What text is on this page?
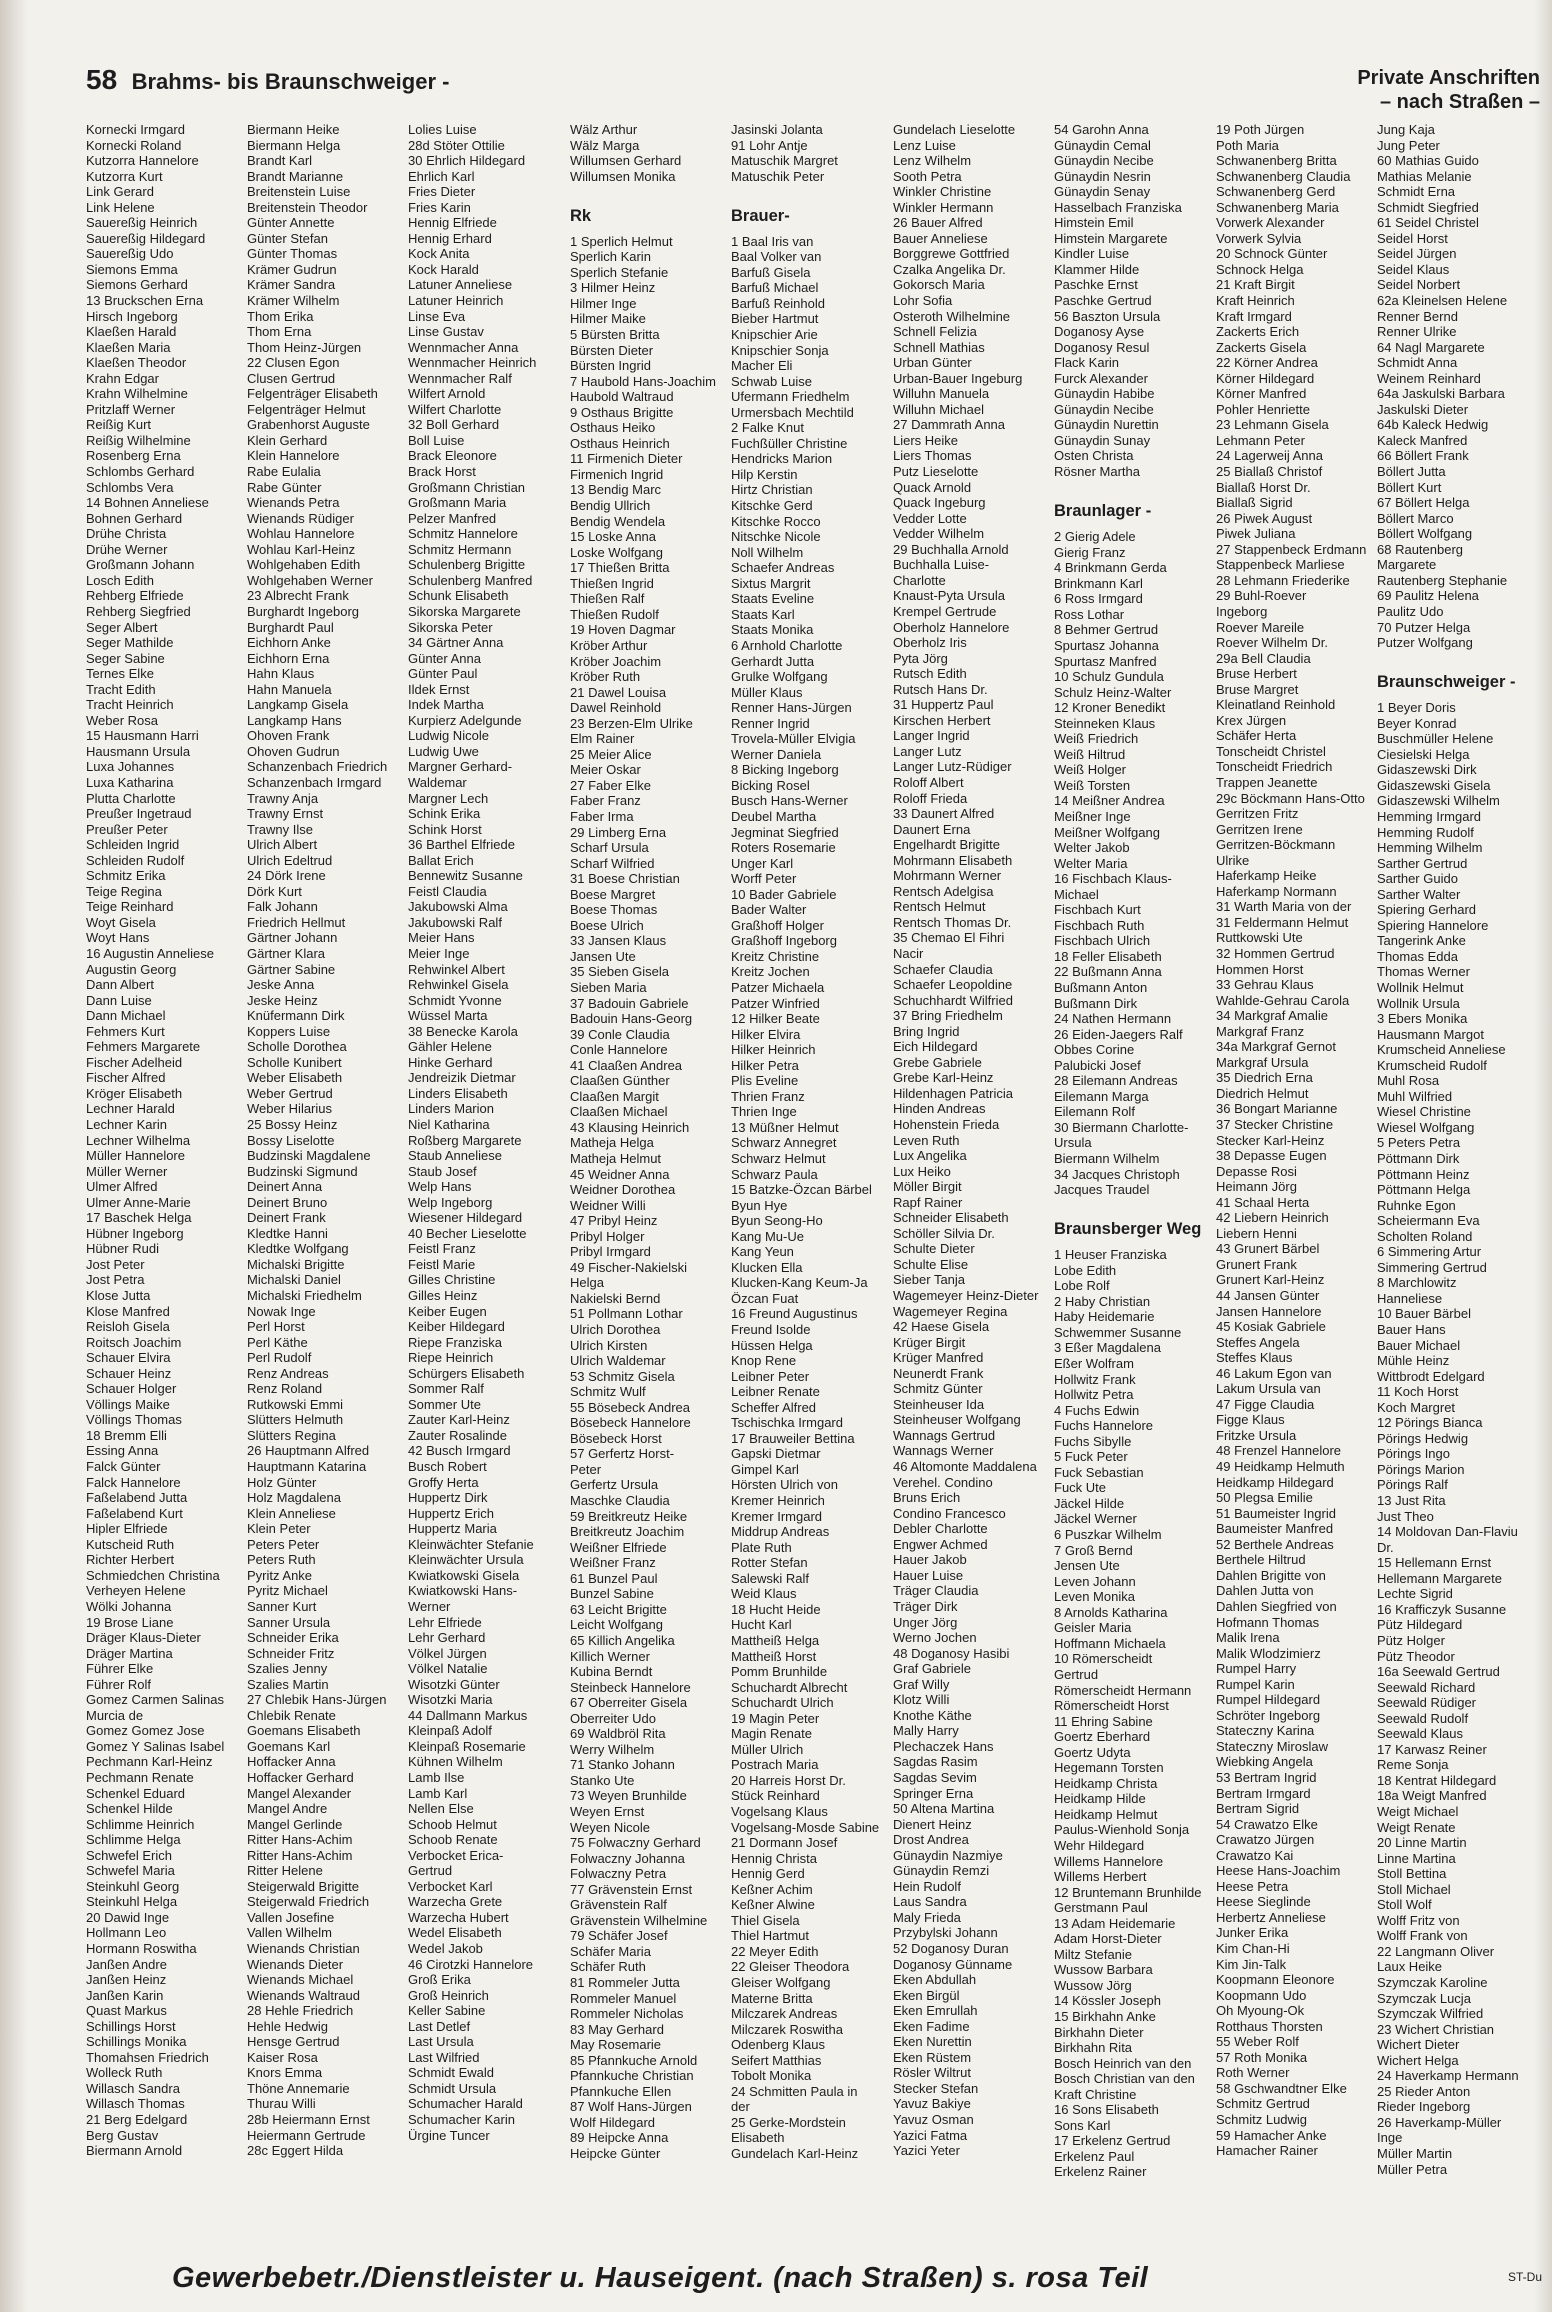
58 Brahms- bis Braunschweiger -	Private Anschriften
– nach Straßen –
Kornecki Irmgard
Kornecki Roland
Kutzorra Hannelore
Kutzorra Kurt
Link Gerard
Link Helene
Sauereßig Heinrich
Sauereßig Hildegard
Sauereßig Udo
Siemons Emma
Siemons Gerhard
13 Bruckschen Erna
Hirsch Ingeborg
Klaeßen Harald
Klaeßen Maria
Klaeßen Theodor
Krahn Edgar
Krahn Wilhelmine
Pritzlaff Werner
Reißig Kurt
Reißig Wilhelmine
Rosenberg Erna
Schlombs Gerhard
Schlombs Vera
14 Bohnen Anneliese
Bohnen Gerhard
Drühe Christa
Drühe Werner
Großmann Johann
Losch Edith
Rehberg Elfriede
Rehberg Siegfried
Seger Albert
Seger Mathilde
Seger Sabine
Ternes Elke
Tracht Edith
Tracht Heinrich
Weber Rosa
15 Hausmann Harri
Hausmann Ursula
Luxa Johannes
Luxa Katharina
Plutta Charlotte
Preußer Ingetraud
Preußer Peter
Schleiden Ingrid
Schleiden Rudolf
Schmitz Erika
Teige Regina
Teige Reinhard
Woyt Gisela
Woyt Hans
16 Augustin Anneliese
Augustin Georg
Dann Albert
Dann Luise
Dann Michael
Fehmers Kurt
Fehmers Margarete
Fischer Adelheid
Fischer Alfred
Kröger Elisabeth
Lechner Harald
Lechner Karin
Lechner Wilhelma
Müller Hannelore
Müller Werner
Ulmer Alfred
Ulmer Anne-Marie
17 Baschek Helga
Hübner Ingeborg
Hübner Rudi
Jost Peter
Jost Petra
Klose Jutta
Klose Manfred
Reisloh Gisela
Roitsch Joachim
Schauer Elvira
Schauer Heinz
Schauer Holger
Völlings Maike
Völlings Thomas
18 Bremm Elli
Essing Anna
Falck Günter
Falck Hannelore
Faßelabend Jutta
Faßelabend Kurt
Hipler Elfriede
Kutscheid Ruth
Richter Herbert
Schmiedchen Christina
Verheyen Helene
Wölki Johanna
19 Brose Liane
Dräger Klaus-Dieter
Dräger Martina
Führer Elke
Führer Rolf
Gomez Carmen Salinas
Murcia de
Gomez Gomez Jose
Gomez Y Salinas Isabel
Pechmann Karl-Heinz
Pechmann Renate
Schenkel Eduard
Schenkel Hilde
Schlimme Heinrich
Schlimme Helga
Schwefel Erich
Schwefel Maria
Steinkuhl Georg
Steinkuhl Helga
20 Dawid Inge
Hollmann Leo
Hormann Roswitha
Janßen Andre
Janßen Heinz
Janßen Karin
Quast Markus
Schillings Horst
Schillings Monika
Thomahsen Friedrich
Wolleck Ruth
Willasch Sandra
Willasch Thomas
21 Berg Edelgard
Berg Gustav
Biermann Arnold
Biermann Heike
Biermann Helga
Brandt Karl
Brandt Marianne
Breitenstein Luise
Breitenstein Theodor
Günter Annette
Günter Stefan
Günter Thomas
Krämer Gudrun
Krämer Sandra
Krämer Wilhelm
Thom Erika
Thom Erna
Thom Heinz-Jürgen
22 Clusen Egon
Clusen Gertrud
Felgenträger Elisabeth
Felgenträger Helmut
Grabenhorst Auguste
Klein Gerhard
Klein Hannelore
Rabe Eulalia
Rabe Günter
Wienands Petra
Wienands Rüdiger
Wohlau Hannelore
Wohlau Karl-Heinz
Wohlgehaben Edith
Wohlgehaben Werner
23 Albrecht Frank
Burghardt Ingeborg
Burghardt Paul
Eichhorn Anke
Eichhorn Erna
Hahn Klaus
Hahn Manuela
Langkamp Gisela
Langkamp Hans
Ohoven Frank
Ohoven Gudrun
Schanzenbach Friedrich
Schanzenbach Irmgard
Trawny Anja
Trawny Ernst
Trawny Ilse
Ulrich Albert
Ulrich Edeltrud
24 Dörk Irene
Dörk Kurt
Falk Johann
Friedrich Hellmut
Gärtner Johann
Gärtner Klara
Gärtner Sabine
Jeske Anna
Jeske Heinz
Knüfermann Dirk
Koppers Luise
Scholle Dorothea
Scholle Kunibert
Weber Elisabeth
Weber Gertrud
Weber Hilarius
25 Bossy Heinz
Bossy Liselotte
Budzinski Magdalene
Budzinski Sigmund
Deinert Anna
Deinert Bruno
Deinert Frank
Kledtke Hanni
Kledtke Wolfgang
Michalski Brigitte
Michalski Daniel
Michalski Friedhelm
Nowak Inge
Perl Horst
Perl Käthe
Perl Rudolf
Renz Andreas
Renz Roland
Rutkowski Emmi
Slütters Helmuth
Slütters Regina
26 Hauptmann Alfred
Hauptmann Katarina
Holz Günter
Holz Magdalena
Klein Anneliese
Klein Peter
Peters Peter
Peters Ruth
Pyritz Anke
Pyritz Michael
Sanner Kurt
Sanner Ursula
Schneider Erika
Schneider Fritz
Szalies Jenny
Szalies Martin
27 Chlebik Hans-Jürgen
Chlebik Renate
Goemans Elisabeth
Goemans Karl
Hoffacker Anna
Hoffacker Gerhard
Mangel Alexander
Mangel Andre
Mangel Gerlinde
Ritter Hans-Achim
Ritter Hans-Achim
Ritter Helene
Steigerwald Brigitte
Steigerwald Friedrich
Vallen Josefine
Vallen Wilhelm
Wienands Christian
Wienands Dieter
Wienands Michael
Wienands Waltraud
28 Hehle Friedrich
Hehle Hedwig
Hensge Gertrud
Kaiser Rosa
Knors Emma
Thöne Annemarie
Thurau Willi
28b Heiermann Ernst
Heiermann Gertrude
28c Eggert Hilda
Lolies Luise
28d Stöter Ottilie
30 Ehrlich Hildegard
Ehrlich Karl
Fries Dieter
Fries Karin
Hennig Elfriede
Hennig Erhard
Kock Anita
Kock Harald
Latuner Anneliese
Latuner Heinrich
Linse Eva
Linse Gustav
Wennmacher Anna
Wennmacher Heinrich
Wennmacher Ralf
Wilfert Arnold
Wilfert Charlotte
32 Boll Gerhard
Boll Luise
Brack Eleonore
Brack Horst
Großmann Christian
Großmann Maria
Pelzer Manfred
Schmitz Hannelore
Schmitz Hermann
Schulenberg Brigitte
Schulenberg Manfred
Schunk Elisabeth
Sikorska Margarete
Sikorska Peter
34 Gärtner Anna
Günter Anna
Günter Paul
Ildek Ernst
Indek Martha
Kurpierz Adelgunde
Ludwig Nicole
Ludwig Uwe
Margner Gerhard-
Waldemar
Margner Lech
Schink Erika
Schink Horst
36 Barthel Elfriede
Ballat Erich
Bennewitz Susanne
Feistl Claudia
Jakubowski Alma
Jakubowski Ralf
Meier Hans
Meier Inge
Rehwinkel Albert
Rehwinkel Gisela
Schmidt Yvonne
Wüssel Marta
38 Benecke Karola
Gähler Helene
Hinke Gerhard
Jendreizik Dietmar
Linders Elisabeth
Linders Marion
Niel Katharina
Roßberg Margarete
Staub Anneliese
Staub Josef
Welp Hans
Welp Ingeborg
Wiesener Hildegard
40 Becher Lieselotte
Feistl Franz
Feistl Marie
Gilles Christine
Gilles Heinz
Keiber Eugen
Keiber Hildegard
Riepe Franziska
Riepe Heinrich
Schürgers Elisabeth
Sommer Ralf
Sommer Ute
Zauter Karl-Heinz
Zauter Rosalinde
42 Busch Irmgard
Busch Robert
Groffy Herta
Huppertz Dirk
Huppertz Erich
Huppertz Maria
Kleinwächter Stefanie
Kleinwächter Ursula
Kwiatkowski Gisela
Kwiatkowski Hans-
Werner
Lehr Elfriede
Lehr Gerhard
Völkel Jürgen
Völkel Natalie
Wisotzki Günter
Wisotzki Maria
44 Dallmann Markus
Kleinpaß Adolf
Kleinpaß Rosemarie
Kühnen Wilhelm
Lamb Ilse
Lamb Karl
Nellen Else
Schoob Helmut
Schoob Renate
Verbocket Erica-
Gertrud
Verbocket Karl
Warzecha Grete
Warzecha Hubert
Wedel Elisabeth
Wedel Jakob
46 Cirotzki Hannelore
Groß Erika
Groß Heinrich
Keller Sabine
Last Detlef
Last Ursula
Last Wilfried
Schmidt Ewald
Schmidt Ursula
Schumacher Harald
Schumacher Karin
Ürgine Tuncer
Wälz Arthur
Wälz Marga
Willumsen Gerhard
Willumsen Monika
Rk
1 Sperlich Helmut
Sperlich Karin
Sperlich Stefanie
3 Hilmer Heinz
Hilmer Inge
Hilmer Maike
5 Bürsten Britta
Bürsten Dieter
Bürsten Ingrid
7 Haubold Hans-Joachim
Haubold Waltraud
9 Osthaus Brigitte
Osthaus Heiko
Osthaus Heinrich
11 Firmenich Dieter
Firmenich Ingrid
13 Bendig Marc
Bendig Ullrich
Bendig Wendela
15 Loske Anna
Loske Wolfgang
17 Thießen Britta
Thießen Ingrid
Thießen Ralf
Thießen Rudolf
19 Hoven Dagmar
Kröber Arthur
Kröber Joachim
Kröber Ruth
21 Dawel Louisa
Dawel Reinhold
23 Berzen-Elm Ulrike
Elm Rainer
25 Meier Alice
Meier Oskar
27 Faber Elke
Faber Franz
Faber Irma
29 Limberg Erna
Scharf Ursula
Scharf Wilfried
31 Boese Christian
Boese Margret
Boese Thomas
Boese Ulrich
33 Jansen Klaus
Jansen Ute
35 Sieben Gisela
Sieben Maria
37 Badouin Gabriele
Badouin Hans-Georg
39 Conle Claudia
Conle Hannelore
41 Claaßen Andrea
Claaßen Günther
Claaßen Margit
Claaßen Michael
43 Klausing Heinrich
Matheja Helga
Matheja Helmut
45 Weidner Anna
Weidner Dorothea
Weidner Willi
47 Pribyl Heinz
Pribyl Holger
Pribyl Irmgard
49 Fischer-Nakielski
Helga
Nakielski Bernd
51 Pollmann Lothar
Ulrich Dorothea
Ulrich Kirsten
Ulrich Waldemar
53 Schmitz Gisela
Schmitz Wulf
55 Bösebeck Andrea
Bösebeck Hannelore
Bösebeck Horst
57 Gerfertz Horst-
Peter
Gerfertz Ursula
Maschke Claudia
59 Breitkreutz Heike
Breitkreutz Joachim
Weißner Elfriede
Weißner Franz
61 Bunzel Paul
Bunzel Sabine
63 Leicht Brigitte
Leicht Wolfgang
65 Killich Angelika
Killich Werner
Kubina Berndt
Steinbeck Hannelore
67 Oberreiter Gisela
Oberreiter Udo
69 Waldbröl Rita
Werry Wilhelm
71 Stanko Johann
Stanko Ute
73 Weyen Brunhilde
Weyen Ernst
Weyen Nicole
75 Folwaczny Gerhard
Folwaczny Johanna
Folwaczny Petra
77 Grävenstein Ernst
Grävenstein Ralf
Grävenstein Wilhelmine
79 Schäfer Josef
Schäfer Maria
Schäfer Ruth
81 Rommeler Jutta
Rommeler Manuel
Rommeler Nicholas
83 May Gerhard
May Rosemarie
85 Pfannkuche Arnold
Pfannkuche Christian
Pfannkuche Ellen
87 Wolf Hans-Jürgen
Wolf Hildegard
89 Heipcke Anna
Heipcke Günter
Jasinski Jolanta
91 Lohr Antje
Matuschik Margret
Matuschik Peter
Brauer-
1 Baal Iris van
Baal Volker van
Barfuß Gisela
Barfuß Michael
Barfuß Reinhold
Bieber Hartmut
Knipschier Arie
Knipschier Sonja
Macher Eli
Schwab Luise
Ufermann Friedhelm
Urmersbach Mechtild
2 Falke Knut
Fuchßüller Christine
Hendricks Marion
Hilp Kerstin
Hirtz Christian
Kitschke Gerd
Kitschke Rocco
Nitschke Nicole
Noll Wilhelm
Schaefer Andreas
Sixtus Margrit
Staats Eveline
Staats Karl
Staats Monika
6 Arnhold Charlotte
Gerhardt Jutta
Grulke Wolfgang
Müller Klaus
Renner Hans-Jürgen
Renner Ingrid
Trovela-Müller Elvigia
Werner Daniela
8 Bicking Ingeborg
Bicking Rosel
Busch Hans-Werner
Deubel Martha
Jegminat Siegfried
Roters Rosemarie
Unger Karl
Worff Peter
10 Bader Gabriele
Bader Walter
Graßhoff Holger
Graßhoff Ingeborg
Kreitz Christine
Kreitz Jochen
Patzer Michaela
Patzer Winfried
12 Hilker Beate
Hilker Elvira
Hilker Heinrich
Hilker Petra
Plis Eveline
Thrien Franz
Thrien Inge
13 Müßner Helmut
Schwarz Annegret
Schwarz Helmut
Schwarz Paula
15 Batzke-Özcan Bärbel
Byun Hye
Byun Seong-Ho
Kang Mu-Ue
Kang Yeun
Klucken Ella
Klucken-Kang Keum-Ja
Özcan Fuat
16 Freund Augustinus
Freund Isolde
Hüssen Helga
Knop Rene
Leibner Peter
Leibner Renate
Scheffer Alfred
Tschischka Irmgard
17 Brauweiler Bettina
Gapski Dietmar
Gimpel Karl
Hörsten Ulrich von
Kremer Heinrich
Kremer Irmgard
Middrup Andreas
Plate Ruth
Rotter Stefan
Salewski Ralf
Weid Klaus
18 Hucht Heide
Hucht Karl
Mattheiß Helga
Mattheiß Horst
Pomm Brunhilde
Schuchardt Albrecht
Schuchardt Ulrich
19 Magin Peter
Magin Renate
Müller Ulrich
Postrach Maria
20 Harreis Horst Dr.
Stück Reinhard
Vogelsang Klaus
Vogelsang-Mosde Sabine
21 Dormann Josef
Hennig Christa
Hennig Gerd
Keßner Achim
Keßner Alwine
Thiel Gisela
Thiel Hartmut
22 Meyer Edith
22 Gleiser Theodora
Gleiser Wolfgang
Materne Britta
Milczarek Andreas
Milczarek Roswitha
Odenberg Klaus
Seifert Matthias
Tobolt Monika
24 Schmitten Paula in
der
25 Gerke-Mordstein
Elisabeth
Gundelach Karl-Heinz
Gundelach Lieselotte
Lenz Luise
Lenz Wilhelm
Sooth Petra
Winkler Christine
Winkler Hermann
26 Bauer Alfred
Bauer Anneliese
Borggrewe Gottfried
Czalka Angelika Dr.
Gokorsch Maria
Lohr Sofia
Osteroth Wilhelmine
Schnell Felizia
Schnell Mathias
Urban Günter
Urban-Bauer Ingeburg
Willuhn Manuela
Willuhn Michael
27 Dammrath Anna
Liers Heike
Liers Thomas
Putz Lieselotte
Quack Arnold
Quack Ingeburg
Vedder Lotte
Vedder Wilhelm
29 Buchhalla Arnold
Buchhalla Luise-
Charlotte
Knaust-Pyta Ursula
Krempel Gertrude
Oberholz Hannelore
Oberholz Iris
Pyta Jörg
Rutsch Edith
Rutsch Hans Dr.
31 Huppertz Paul
Kirschen Herbert
Langer Ingrid
Langer Lutz
Langer Lutz-Rüdiger
Roloff Albert
Roloff Frieda
33 Daunert Alfred
Daunert Erna
Engelhardt Brigitte
Mohrmann Elisabeth
Mohrmann Werner
Rentsch Adelgisa
Rentsch Helmut
Rentsch Thomas Dr.
35 Chemao El Fihri
Nacir
Schaefer Claudia
Schaefer Leopoldine
Schuchhardt Wilfried
37 Bring Friedhelm
Bring Ingrid
Eich Hildegard
Grebe Gabriele
Grebe Karl-Heinz
Hildenhagen Patricia
Hinden Andreas
Hohenstein Frieda
Leven Ruth
Lux Angelika
Lux Heiko
Möller Birgit
Rapf Rainer
Schneider Elisabeth
Schöller Silvia Dr.
Schulte Dieter
Schulte Elise
Sieber Tanja
Wagemeyer Heinz-Dieter
Wagemeyer Regina
42 Haese Gisela
Krüger Birgit
Krüger Manfred
Neunerdt Frank
Schmitz Günter
Steinheuser Ida
Steinheuser Wolfgang
Wannags Gertrud
Wannags Werner
46 Altomonte Maddalena
Verehel. Condino
Bruns Erich
Condino Francesco
Debler Charlotte
Engwer Achmed
Hauer Jakob
Hauer Luise
Träger Claudia
Träger Dirk
Unger Jörg
Werno Jochen
48 Doganosy Hasibi
Graf Gabriele
Graf Willy
Klotz Willi
Knothe Käthe
Mally Harry
Plechaczek Hans
Sagdas Rasim
Sagdas Sevim
Springer Erna
50 Altena Martina
Dienert Heinz
Drost Andrea
Günaydin Nazmiye
Günaydin Remzi
Hein Rudolf
Laus Sandra
Maly Frieda
Przybylski Johann
52 Doganosy Duran
Doganosy Günname
Eken Abdullah
Eken Birgül
Eken Emrullah
Eken Fadime
Eken Nurettin
Eken Rüstem
Rösler Wiltrut
Stecker Stefan
Yavuz Bakiye
Yavuz Osman
Yazici Fatma
Yazici Yeter
54 Garohn Anna
Günaydin Cemal
Günaydin Necibe
Günaydin Nesrin
Günaydin Senay
Hasselbach Franziska
Himstein Emil
Himstein Margarete
Kindler Luise
Klammer Hilde
Paschke Ernst
Paschke Gertrud
56 Baszton Ursula
Doganosy Ayse
Doganosy Resul
Flack Karin
Furck Alexander
Günaydin Habibe
Günaydin Necibe
Günaydin Nurettin
Günaydin Sunay
Osten Christa
Rösner Martha
Braunlager -
2 Gierig Adele
Gierig Franz
4 Brinkmann Gerda
Brinkmann Karl
6 Ross Irmgard
Ross Lothar
8 Behmer Gertrud
Spurtasz Johanna
Spurtasz Manfred
10 Schulz Gundula
Schulz Heinz-Walter
12 Kroner Benedikt
Steinneken Klaus
Weiß Friedrich
Weiß Hiltrud
Weiß Holger
Weiß Torsten
14 Meißner Andrea
Meißner Inge
Meißner Wolfgang
Welter Jakob
Welter Maria
16 Fischbach Klaus-
Michael
Fischbach Kurt
Fischbach Ruth
Fischbach Ulrich
18 Feller Elisabeth
22 Bußmann Anna
Bußmann Anton
Bußmann Dirk
24 Nathen Hermann
26 Eiden-Jaegers Ralf
Obbes Corine
Palubicki Josef
28 Eilemann Andreas
Eilemann Marga
Eilemann Rolf
30 Biermann Charlotte-
Ursula
Biermann Wilhelm
34 Jacques Christoph
Jacques Traudel
Braunsberger Weg
1 Heuser Franziska
Lobe Edith
Lobe Rolf
2 Haby Christian
Haby Heidemarie
Schwemmer Susanne
3 Eßer Magdalena
Eßer Wolfram
Hollwitz Frank
Hollwitz Petra
4 Fuchs Edwin
Fuchs Hannelore
Fuchs Sibylle
5 Fuck Peter
Fuck Sebastian
Fuck Ute
Jäckel Hilde
Jäckel Werner
6 Puszkar Wilhelm
7 Groß Bernd
Jensen Ute
Leven Johann
Leven Monika
8 Arnolds Katharina
Geisler Maria
Hoffmann Michaela
10 Römerscheidt
Gertrud
Römerscheidt Hermann
Römerscheidt Horst
11 Ehring Sabine
Goertz Eberhard
Goertz Udyta
Hegemann Torsten
Heidkamp Christa
Heidkamp Hilde
Heidkamp Helmut
Paulus-Wienhold Sonja
Wehr Hildegard
Willems Hannelore
Willems Herbert
12 Bruntemann Brunhilde
Gerstmann Paul
13 Adam Heidemarie
Adam Horst-Dieter
Miltz Stefanie
Wussow Barbara
Wussow Jörg
14 Kössler Joseph
15 Birkhahn Anke
Birkhahn Dieter
Birkhahn Rita
Bosch Heinrich van den
Bosch Christian van den
Kraft Christine
16 Sons Elisabeth
Sons Karl
17 Erkelenz Gertrud
Erkelenz Paul
Erkelenz Rainer
19 Poth Jürgen
Poth Maria
Schwanenberg Britta
Schwanenberg Claudia
Schwanenberg Gerd
Schwanenberg Maria
Vorwerk Alexander
Vorwerk Sylvia
20 Schnock Günter
Schnock Helga
21 Kraft Birgit
Kraft Heinrich
Kraft Irmgard
Zackerts Erich
Zackerts Gisela
22 Körner Andrea
Körner Hildegard
Körner Manfred
Pohler Henriette
23 Lehmann Gisela
Lehmann Peter
24 Lagerweij Anna
25 Biallaß Christof
Biallaß Horst Dr.
Biallaß Sigrid
26 Piwek August
Piwek Juliana
27 Stappenbeck Erdmann
Stappenbeck Marliese
28 Lehmann Friederike
29 Buhl-Roever
Ingeborg
Roever Mareile
Roever Wilhelm Dr.
29a Bell Claudia
Bruse Herbert
Bruse Margret
Kleinatland Reinhold
Krex Jürgen
Schäfer Herta
Tonscheidt Christel
Tonscheidt Friedrich
Trappen Jeanette
29c Böckmann Hans-Otto
Gerritzen Fritz
Gerritzen Irene
Gerritzen-Böckmann
Ulrike
Haferkamp Heike
Haferkamp Normann
31 Warth Maria von der
31 Feldermann Helmut
Ruttkowski Ute
32 Hommen Gertrud
Hommen Horst
33 Gehrau Klaus
Wahlde-Gehrau Carola
34 Markgraf Amalie
Markgraf Franz
34a Markgraf Gernot
Markgraf Ursula
35 Diedrich Erna
Diedrich Helmut
36 Bongart Marianne
37 Stecker Christine
Stecker Karl-Heinz
38 Depasse Eugen
Depasse Rosi
Heimann Jörg
41 Schaal Herta
42 Liebern Heinrich
Liebern Henni
43 Grunert Bärbel
Grunert Frank
Grunert Karl-Heinz
44 Jansen Günter
Jansen Hannelore
45 Kosiak Gabriele
Steffes Angela
Steffes Klaus
46 Lakum Egon van
Lakum Ursula van
47 Figge Claudia
Figge Klaus
Fritzke Ursula
48 Frenzel Hannelore
49 Heidkamp Helmuth
Heidkamp Hildegard
50 Plegsa Emilie
51 Baumeister Ingrid
Baumeister Manfred
52 Berthele Andreas
Berthele Hiltrud
Dahlen Brigitte von
Dahlen Jutta von
Dahlen Siegfried von
Hofmann Thomas
Malik Irena
Malik Wlodzimierz
Rumpel Harry
Rumpel Karin
Rumpel Hildegard
Schröter Ingeborg
Stateczny Karina
Stateczny Miroslaw
Wiebking Angela
53 Bertram Ingrid
Bertram Irmgard
Bertram Sigrid
54 Crawatzo Elke
Crawatzo Jürgen
Crawatzo Kai
Heese Hans-Joachim
Heese Petra
Heese Sieglinde
Herbertz Anneliese
Junker Erika
Kim Chan-Hi
Kim Jin-Talk
Koopmann Eleonore
Koopmann Udo
Oh Myoung-Ok
Rotthaus Thorsten
55 Weber Rolf
57 Roth Monika
Roth Werner
58 Gschwandtner Elke
Schmitz Gertrud
Schmitz Ludwig
59 Hamacher Anke
Hamacher Rainer
Jung Kaja
Jung Peter
60 Mathias Guido
Mathias Melanie
Schmidt Erna
Schmidt Siegfried
61 Seidel Christel
Seidel Horst
Seidel Jürgen
Seidel Klaus
Seidel Norbert
62a Kleinelsen Helene
Renner Bernd
Renner Ulrike
64 Nagl Margarete
Schmidt Anna
Weinem Reinhard
64a Jaskulski Barbara
Jaskulski Dieter
64b Kaleck Hedwig
Kaleck Manfred
66 Böllert Frank
Böllert Jutta
Böllert Kurt
67 Böllert Helga
Böllert Marco
Böllert Wolfgang
68 Rautenberg
Margarete
Rautenberg Stephanie
69 Paulitz Helena
Paulitz Udo
70 Putzer Helga
Putzer Wolfgang
Braunschweiger -
1 Beyer Doris
Beyer Konrad
Buschmüller Helene
Ciesielski Helga
Gidaszewski Dirk
Gidaszewski Gisela
Gidaszewski Wilhelm
Hemming Irmgard
Hemming Rudolf
Hemming Wilhelm
Sarther Gertrud
Sarther Guido
Sarther Walter
Spiering Gerhard
Spiering Hannelore
Tangerink Anke
Thomas Edda
Thomas Werner
Wollnik Helmut
Wollnik Ursula
3 Ebers Monika
Hausmann Margot
Krumscheid Anneliese
Krumscheid Rudolf
Muhl Rosa
Muhl Wilfried
Wiesel Christine
Wiesel Wolfgang
5 Peters Petra
Pöttmann Dirk
Pöttmann Heinz
Pöttmann Helga
Ruhnke Egon
Scheiermann Eva
Scholten Roland
6 Simmering Artur
Simmering Gertrud
8 Marchlowitz
Hanneliese
10 Bauer Bärbel
Bauer Hans
Bauer Michael
Mühle Heinz
Wittbrodt Edelgard
11 Koch Horst
Koch Margret
12 Pörings Bianca
Pörings Hedwig
Pörings Ingo
Pörings Marion
Pörings Ralf
13 Just Rita
Just Theo
14 Moldovan Dan-Flaviu
Dr.
15 Hellemann Ernst
Hellemann Margarete
Lechte Sigrid
16 Krafficzyk Susanne
Pütz Hildegard
Pütz Holger
Pütz Theodor
16a Seewald Gertrud
Seewald Richard
Seewald Rüdiger
Seewald Rudolf
Seewald Klaus
17 Karwasz Reiner
Reme Sonja
18 Kentrat Hildegard
18a Weigt Manfred
Weigt Michael
Weigt Renate
20 Linne Martin
Linne Martina
Stoll Bettina
Stoll Michael
Stoll Wolf
Wolff Fritz von
Wolff Frank von
22 Langmann Oliver
Laux Heike
Szymczak Karoline
Szymczak Lucja
Szymczak Wilfried
23 Wichert Christian
Wichert Dieter
Wichert Helga
24 Haverkamp Hermann
25 Rieder Anton
Rieder Ingeborg
26 Haverkamp-Müller
Inge
Müller Martin
Müller Petra
Gewerbebetr./Dienstleister u. Hauseigent. (nach Straßen) s. rosa Teil	ST-Du
